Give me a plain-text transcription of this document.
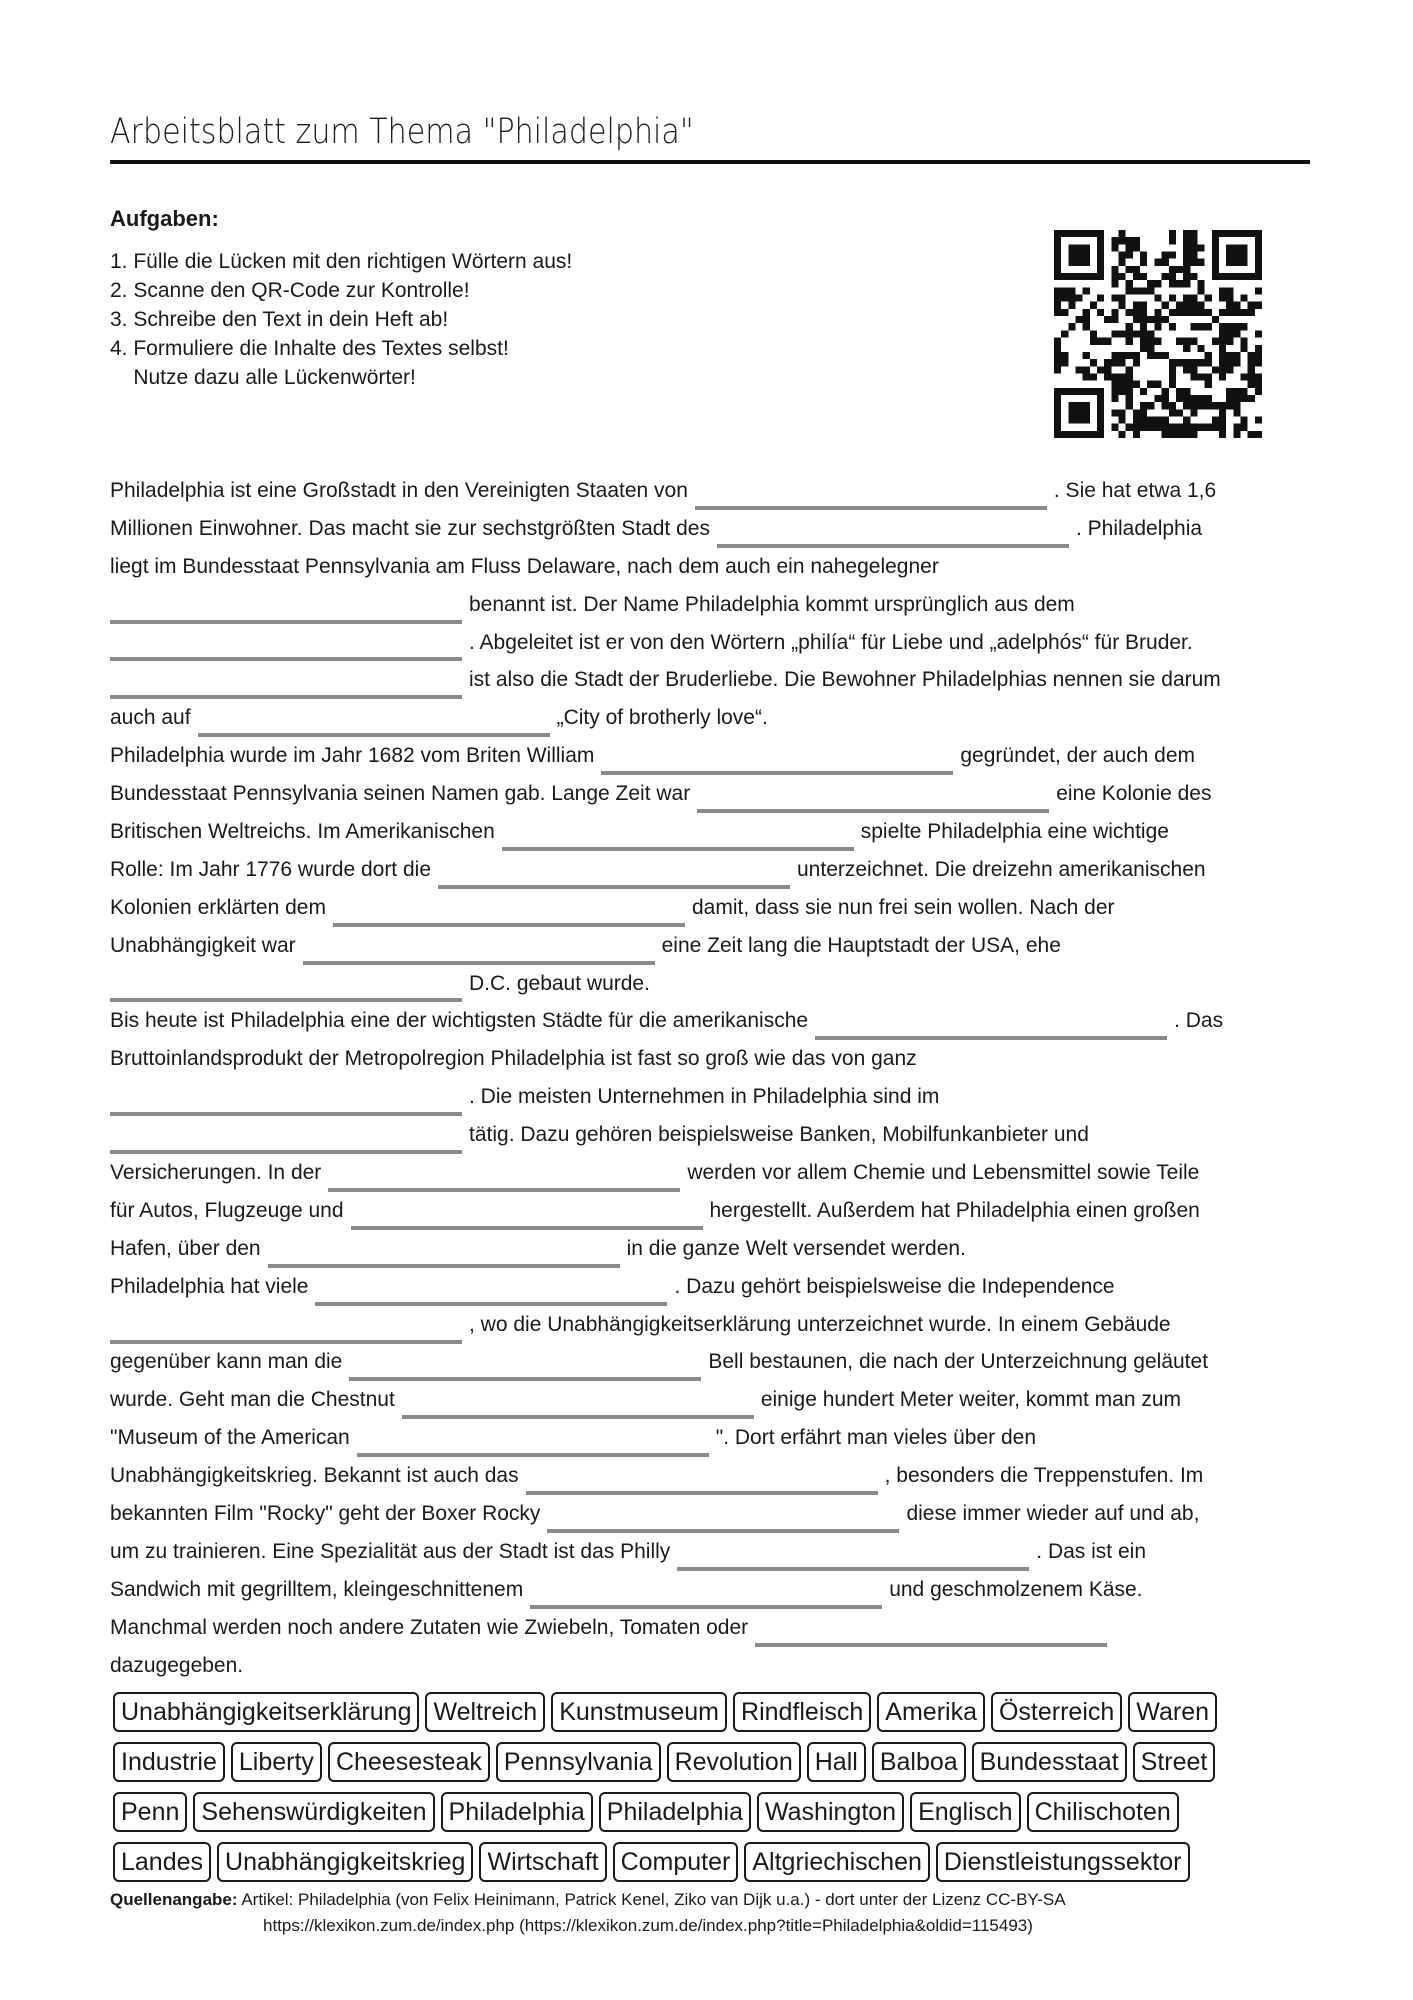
Arbeitsblatt zum Thema "Philadelphia"
Aufgaben:
1. Fülle die Lücken mit den richtigen Wörtern aus!
2. Scanne den QR-Code zur Kontrolle!
3. Schreibe den Text in dein Heft ab!
4. Formuliere die Inhalte des Textes selbst!
Nutze dazu alle Lückenwörter!
Philadelphia ist eine Großstadt in den Vereinigten Staaten von	. Sie hat etwa 1,6
Millionen Einwohner. Das macht sie zur sechstgrößten Stadt des	. Philadelphia
liegt im Bundesstaat Pennsylvania am Fluss Delaware, nach dem auch ein nahegelegner
benannt ist. Der Name Philadelphia kommt ursprünglich aus dem
. Abgeleitet ist er von den Wörtern „philía“ für Liebe und „adelphós“ für Bruder.
ist also die Stadt der Bruderliebe. Die Bewohner Philadelphias nennen sie darum
auch auf	„City of brotherly love“.
Philadelphia wurde im Jahr 1682 vom Briten William	gegründet, der auch dem
Bundesstaat Pennsylvania seinen Namen gab. Lange Zeit war	eine Kolonie des
Britischen Weltreichs. Im Amerikanischen	spielte Philadelphia eine wichtige
Rolle: Im Jahr 1776 wurde dort die	unterzeichnet. Die dreizehn amerikanischen
Kolonien erklärten dem	damit, dass sie nun frei sein wollen. Nach der
Unabhängigkeit war	eine Zeit lang die Hauptstadt der USA, ehe
D.C. gebaut wurde.
Bis heute ist Philadelphia eine der wichtigsten Städte für die amerikanische	. Das
Bruttoinlandsprodukt der Metropolregion Philadelphia ist fast so groß wie das von ganz
. Die meisten Unternehmen in Philadelphia sind im
tätig. Dazu gehören beispielsweise Banken, Mobilfunkanbieter und
Versicherungen. In der	werden vor allem Chemie und Lebensmittel sowie Teile
für Autos, Flugzeuge und	hergestellt. Außerdem hat Philadelphia einen großen
Hafen, über den	in die ganze Welt versendet werden.
Philadelphia hat viele	. Dazu gehört beispielsweise die Independence
, wo die Unabhängigkeitserklärung unterzeichnet wurde. In einem Gebäude
gegenüber kann man die	Bell bestaunen, die nach der Unterzeichnung geläutet
wurde. Geht man die Chestnut	einige hundert Meter weiter, kommt man zum
"Museum of the American	". Dort erfährt man vieles über den
Unabhängigkeitskrieg. Bekannt ist auch das	, besonders die Treppenstufen. Im
bekannten Film "Rocky" geht der Boxer Rocky	diese immer wieder auf und ab,
um zu trainieren. Eine Spezialität aus der Stadt ist das Philly	. Das ist ein
Sandwich mit gegrilltem, kleingeschnittenem	und geschmolzenem Käse.
Manchmal werden noch andere Zutaten wie Zwiebeln, Tomaten oder
dazugegeben.
Unabhängigkeitserklärung Weltreich Kunstmuseum Rindfleisch Amerika Österreich Waren
Industrie Liberty Cheesesteak Pennsylvania Revolution Hall Balboa Bundesstaat Street
Penn Sehenswürdigkeiten Philadelphia Philadelphia Washington Englisch Chilischoten
Landes Unabhängigkeitskrieg Wirtschaft Computer Altgriechischen Dienstleistungssektor
Quellenangabe: Artikel: Philadelphia (von Felix Heinimann, Patrick Kenel, Ziko van Dijk u.a.) - dort unter der Lizenz CC-BY-SA
https://klexikon.zum.de/index.php (https://klexikon.zum.de/index.php?title=Philadelphia&oldid=115493)
